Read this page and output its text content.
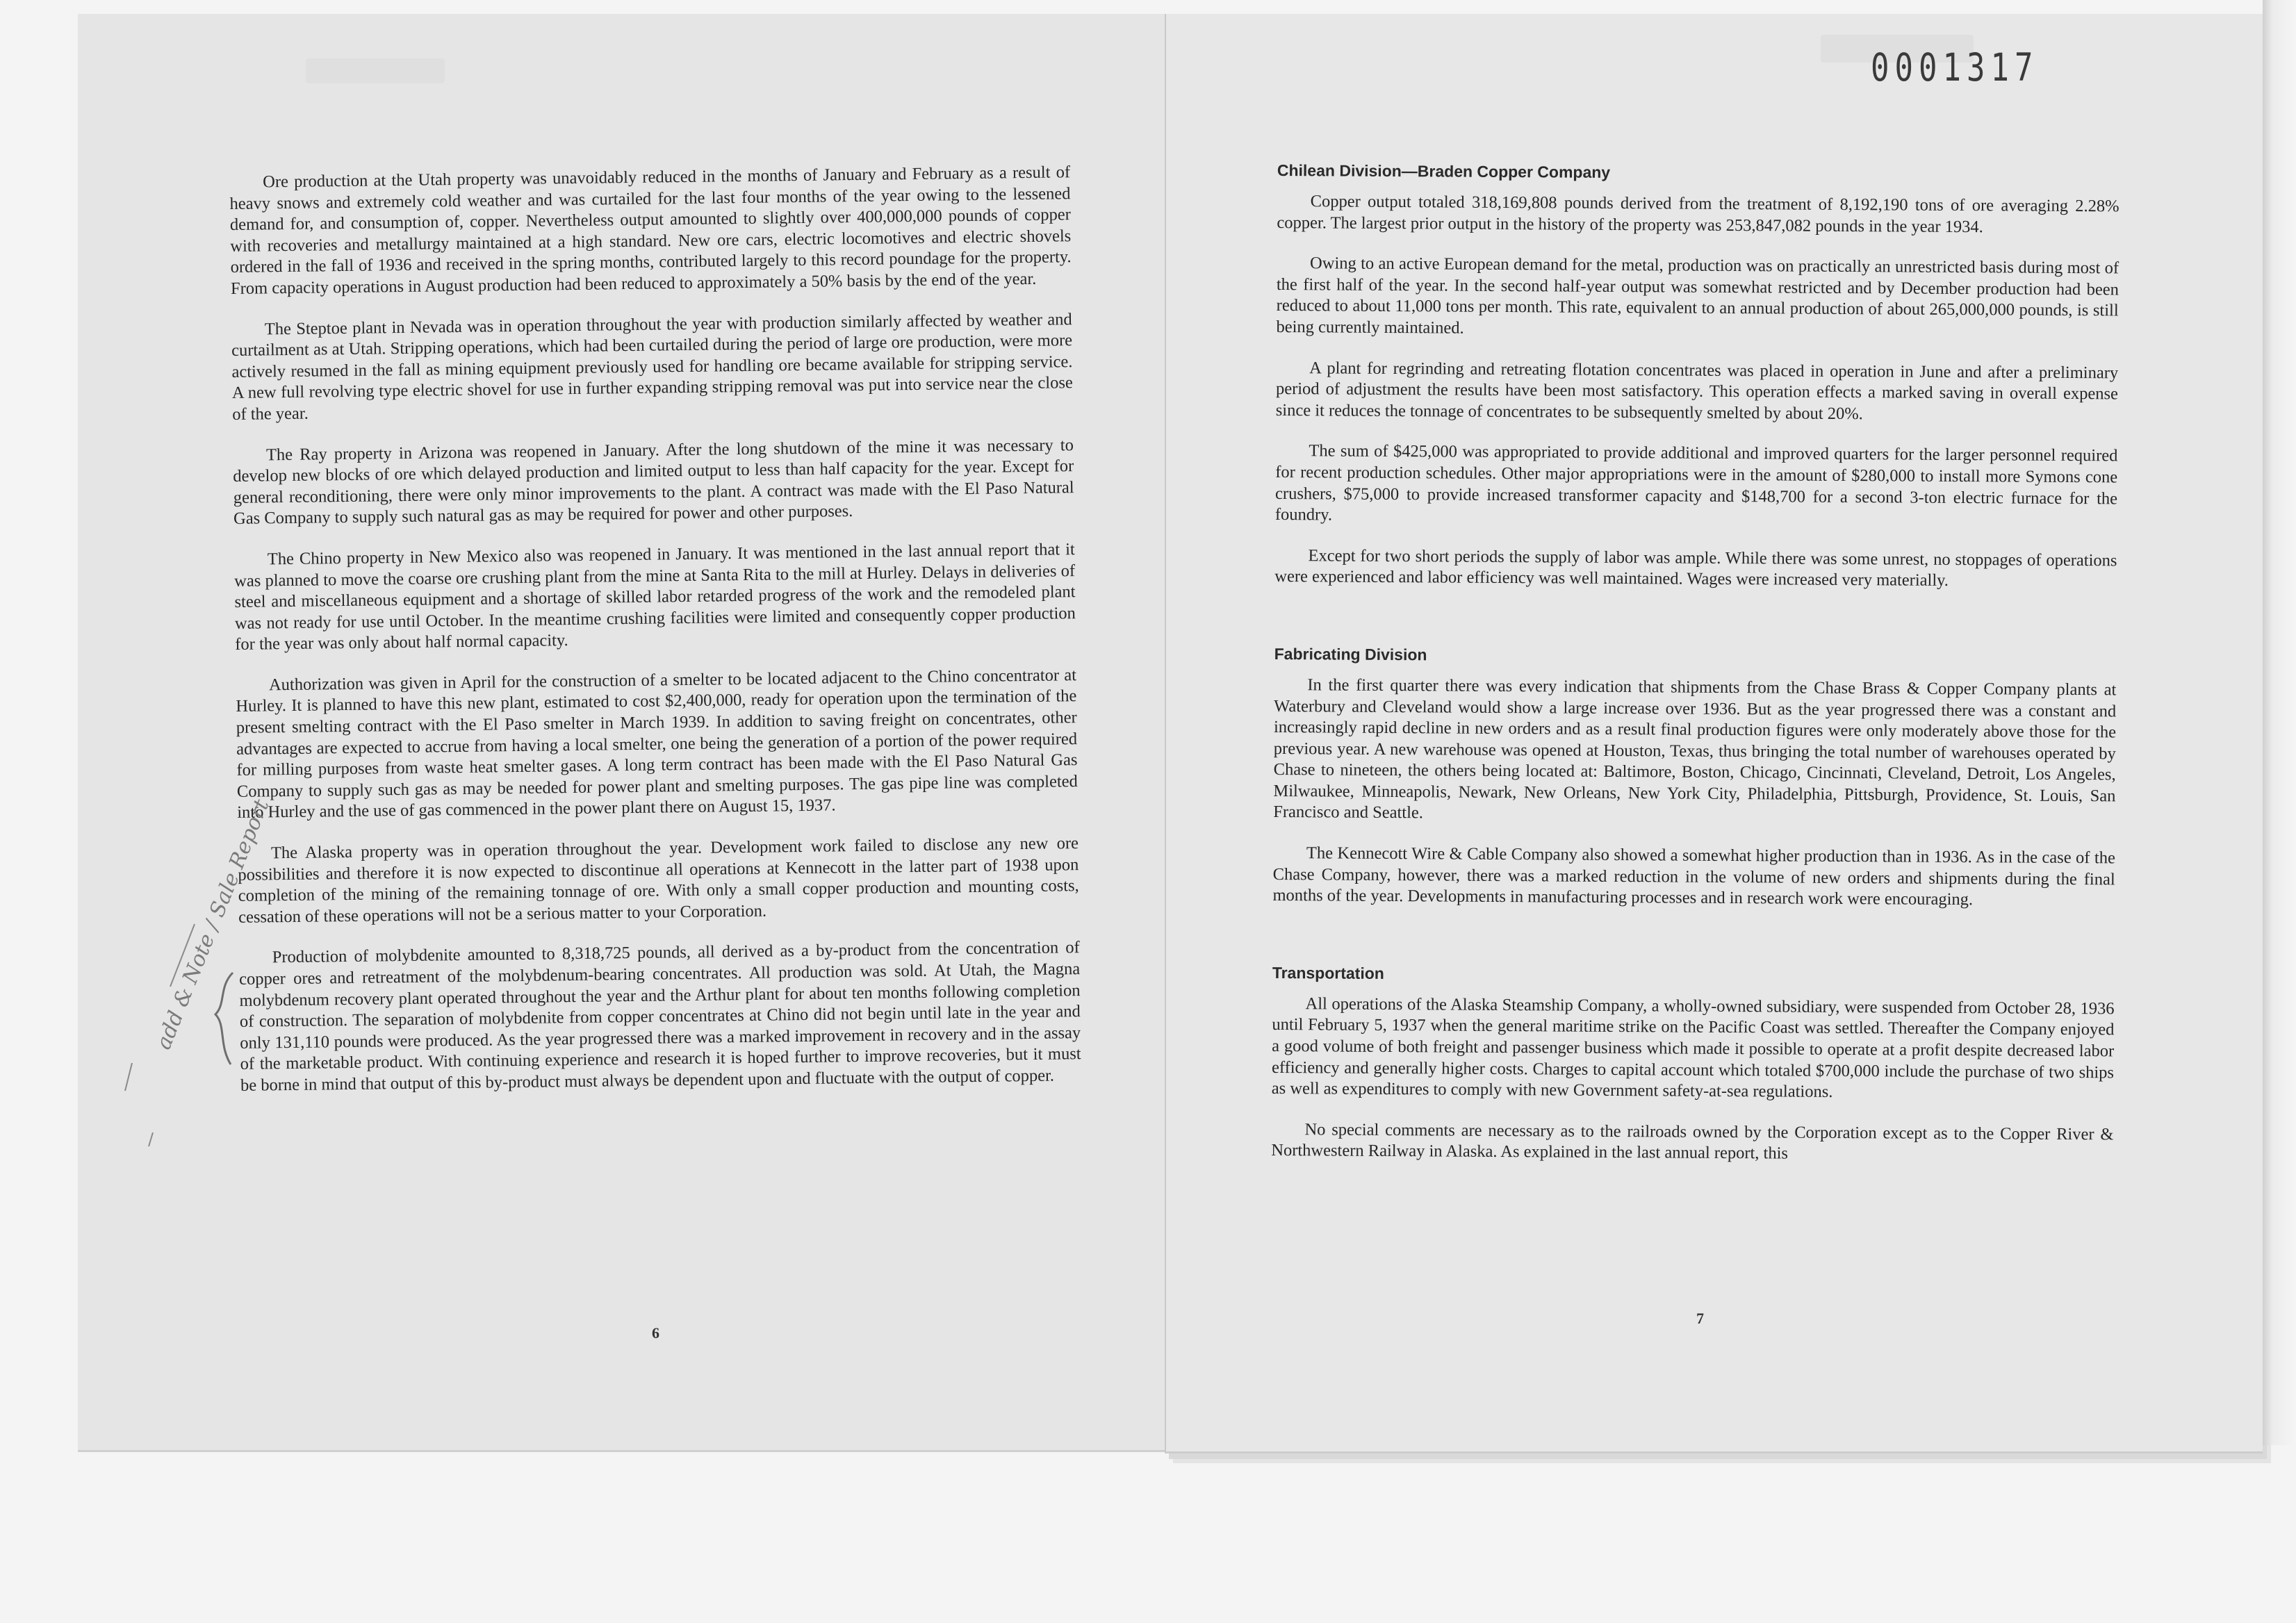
0001317

Ore production at the Utah property was unavoidably reduced in the months of January and February as a result of heavy snows and extremely cold weather and was curtailed for the last four months of the year owing to the lessened demand for, and consumption of, copper. Nevertheless output amounted to slightly over 400,000,000 pounds of copper with recoveries and metallurgy maintained at a high standard. New ore cars, electric locomotives and electric shovels ordered in the fall of 1936 and received in the spring months, contributed largely to this record poundage for the property. From capacity operations in August production had been reduced to approximately a 50% basis by the end of the year.

The Steptoe plant in Nevada was in operation throughout the year with production similarly affected by weather and curtailment as at Utah. Stripping operations, which had been curtailed during the period of large ore production, were more actively resumed in the fall as mining equipment previously used for handling ore became available for stripping service. A new full revolving type electric shovel for use in further expanding stripping removal was put into service near the close of the year.

The Ray property in Arizona was reopened in January. After the long shutdown of the mine it was necessary to develop new blocks of ore which delayed production and limited output to less than half capacity for the year. Except for general reconditioning, there were only minor improvements to the plant. A contract was made with the El Paso Natural Gas Company to supply such natural gas as may be required for power and other purposes.

The Chino property in New Mexico also was reopened in January. It was mentioned in the last annual report that it was planned to move the coarse ore crushing plant from the mine at Santa Rita to the mill at Hurley. Delays in deliveries of steel and miscellaneous equipment and a shortage of skilled labor retarded progress of the work and the remodeled plant was not ready for use until October. In the meantime crushing facilities were limited and consequently copper production for the year was only about half normal capacity.

Authorization was given in April for the construction of a smelter to be located adjacent to the Chino concentrator at Hurley. It is planned to have this new plant, estimated to cost $2,400,000, ready for operation upon the termination of the present smelting contract with the El Paso smelter in March 1939. In addition to saving freight on concentrates, other advantages are expected to accrue from having a local smelter, one being the generation of a portion of the power required for milling purposes from waste heat smelter gases. A long term contract has been made with the El Paso Natural Gas Company to supply such gas as may be needed for power plant and smelting purposes. The gas pipe line was completed into Hurley and the use of gas commenced in the power plant there on August 15, 1937.

The Alaska property was in operation throughout the year. Development work failed to disclose any new ore possibilities and therefore it is now expected to discontinue all operations at Kennecott in the latter part of 1938 upon completion of the mining of the remaining tonnage of ore. With only a small copper production and mounting costs, cessation of these operations will not be a serious matter to your Corporation.

Production of molybdenite amounted to 8,318,725 pounds, all derived as a by-product from the concentration of copper ores and retreatment of the molybdenum-bearing concentrates. All production was sold. At Utah, the Magna molybdenum recovery plant operated throughout the year and the Arthur plant for about ten months following completion of construction. The separation of molybdenite from copper concentrates at Chino did not begin until late in the year and only 131,110 pounds were produced. As the year progressed there was a marked improvement in recovery and in the assay of the marketable product. With continuing experience and research it is hoped further to improve recoveries, but it must be borne in mind that output of this by-product must always be dependent upon and fluctuate with the output of copper.

6
add & Note / Sale Report
Chilean Division—Braden Copper Company

Copper output totaled 318,169,808 pounds derived from the treatment of 8,192,190 tons of ore averaging 2.28% copper. The largest prior output in the history of the property was 253,847,082 pounds in the year 1934.

Owing to an active European demand for the metal, production was on practically an unrestricted basis during most of the first half of the year. In the second half-year output was somewhat restricted and by December production had been reduced to about 11,000 tons per month. This rate, equivalent to an annual production of about 265,000,000 pounds, is still being currently maintained.

A plant for regrinding and retreating flotation concentrates was placed in operation in June and after a preliminary period of adjustment the results have been most satisfactory. This operation effects a marked saving in overall expense since it reduces the tonnage of concentrates to be subsequently smelted by about 20%.

The sum of $425,000 was appropriated to provide additional and improved quarters for the larger personnel required for recent production schedules. Other major appropriations were in the amount of $280,000 to install more Symons cone crushers, $75,000 to provide increased transformer capacity and $148,700 for a second 3-ton electric furnace for the foundry.

Except for two short periods the supply of labor was ample. While there was some unrest, no stoppages of operations were experienced and labor efficiency was well maintained. Wages were increased very materially.

Fabricating Division

In the first quarter there was every indication that shipments from the Chase Brass & Copper Company plants at Waterbury and Cleveland would show a large increase over 1936. But as the year progressed there was a constant and increasingly rapid decline in new orders and as a result final production figures were only moderately above those for the previous year. A new warehouse was opened at Houston, Texas, thus bringing the total number of warehouses operated by Chase to nineteen, the others being located at: Baltimore, Boston, Chicago, Cincinnati, Cleveland, Detroit, Los Angeles, Milwaukee, Minneapolis, Newark, New Orleans, New York City, Philadelphia, Pittsburgh, Providence, St. Louis, San Francisco and Seattle.

The Kennecott Wire & Cable Company also showed a somewhat higher production than in 1936. As in the case of the Chase Company, however, there was a marked reduction in the volume of new orders and shipments during the final months of the year. Developments in manufacturing processes and in research work were encouraging.

Transportation

All operations of the Alaska Steamship Company, a wholly-owned subsidiary, were suspended from October 28, 1936 until February 5, 1937 when the general maritime strike on the Pacific Coast was settled. Thereafter the Company enjoyed a good volume of both freight and passenger business which made it possible to operate at a profit despite decreased labor efficiency and generally higher costs. Charges to capital account which totaled $700,000 include the purchase of two ships as well as expenditures to comply with new Government safety-at-sea regulations.

No special comments are necessary as to the railroads owned by the Corporation except as to the Copper River & Northwestern Railway in Alaska. As explained in the last annual report, this

7
